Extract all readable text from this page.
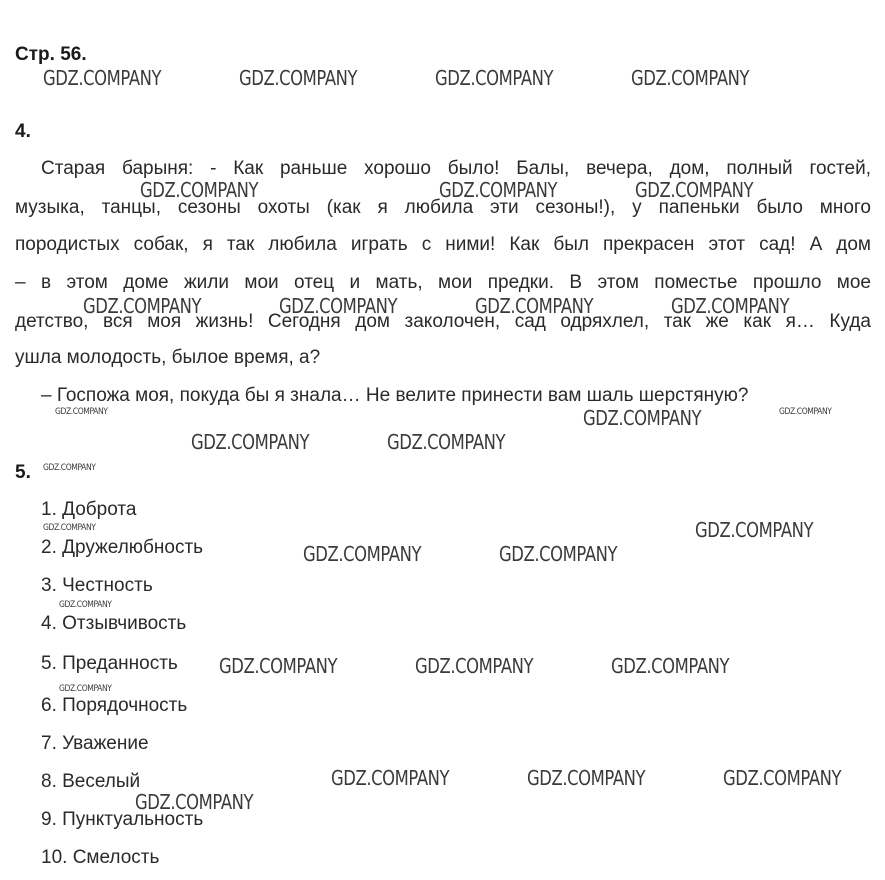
Стр. 56.
4.
Старая барыня: - Как раньше хорошо было! Балы, вечера, дом, полный гостей,
музыка, танцы, сезоны охоты (как я любила эти сезоны!), у папеньки было много
породистых собак, я так любила играть с ними! Как был прекрасен этот сад! А дом
– в этом доме жили мои отец и мать, мои предки. В этом поместье прошло мое
детство, вся моя жизнь! Сегодня дом заколочен, сад одряхлел, так же как я… Куда
ушла молодость, былое время, а?
– Госпожа моя, покуда бы я знала… Не велите принести вам шаль шерстяную?
5.
1. Доброта
2. Дружелюбность
3. Честность
4. Отзывчивость
5. Преданность
6. Порядочность
7. Уважение
8. Веселый
9. Пунктуальность
10. Смелость
GDZ.COMPANY	GDZ.COMPANY	GDZ.COMPANY	GDZ.COMPANY
GDZ.COMPANY	GDZ.COMPANY	GDZ.COMPANY
GDZ.COMPANY	GDZ.COMPANY	GDZ.COMPANY	GDZ.COMPANY
GDZ.COMPANY	GDZ.COMPANY	GDZ.COMPANY
GDZ.COMPANY	GDZ.COMPANY
GDZ.COMPANY
GDZ.COMPANY	GDZ.COMPANY
GDZ.COMPANY	GDZ.COMPANY
GDZ.COMPANY
GDZ.COMPANY	GDZ.COMPANY	GDZ.COMPANY
GDZ.COMPANY
GDZ.COMPANY	GDZ.COMPANY	GDZ.COMPANY
GDZ.COMPANY
